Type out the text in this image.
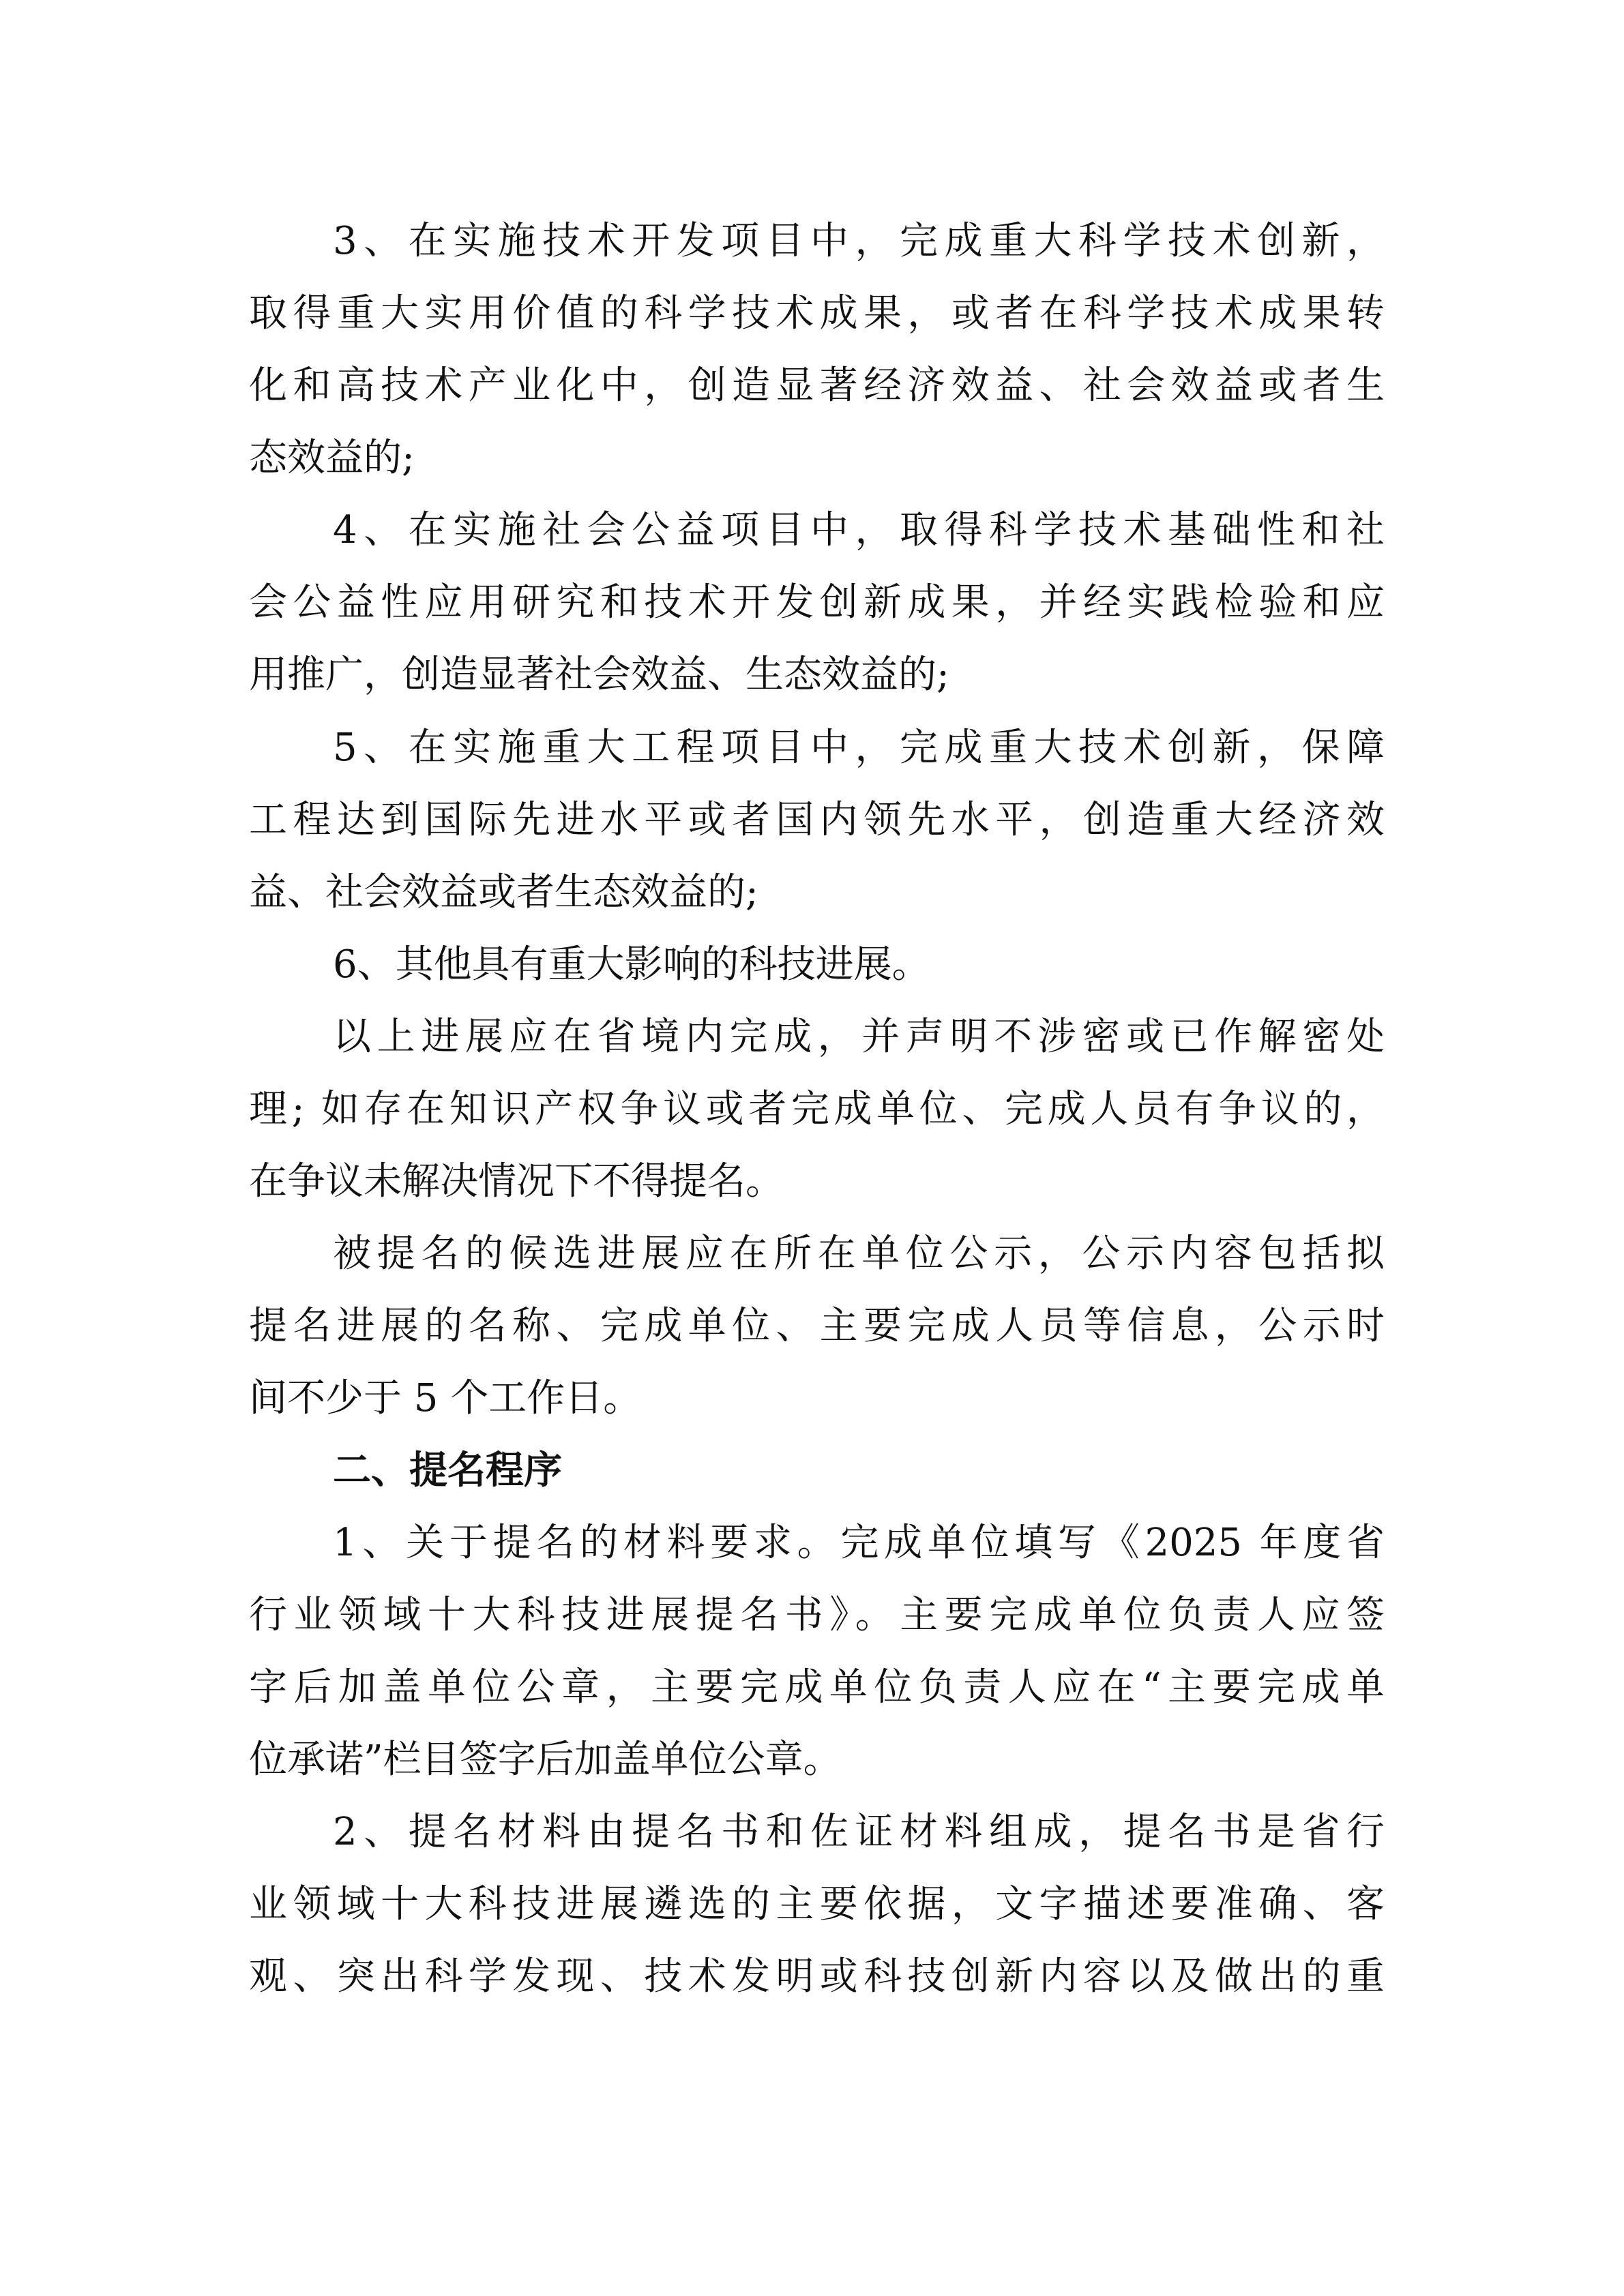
3、在实施技术开发项目中，完成重大科学技术创新，
取得重大实用价值的科学技术成果，或者在科学技术成果转
化和高技术产业化中，创造显著经济效益、社会效益或者生
态效益的;
4、在实施社会公益项目中，取得科学技术基础性和社
会公益性应用研究和技术开发创新成果，并经实践检验和应
用推广，创造显著社会效益、生态效益的;
5、在实施重大工程项目中，完成重大技术创新，保障
工程达到国际先进水平或者国内领先水平，创造重大经济效
益、社会效益或者生态效益的;
6、其他具有重大影响的科技进展。
以上进展应在省境内完成，并声明不涉密或已作解密处
理; 如存在知识产权争议或者完成单位、完成人员有争议的，
在争议未解决情况下不得提名。
被提名的候选进展应在所在单位公示，公示内容包括拟
提名进展的名称、完成单位、主要完成人员等信息，公示时
间不少于 5 个工作日。
二、提名程序
1、关于提名的材料要求。完成单位填写《2025 年度省
行业领域十大科技进展提名书》。主要完成单位负责人应签
字后加盖单位公章，主要完成单位负责人应在“主要完成单
位承诺”栏目签字后加盖单位公章。
2、提名材料由提名书和佐证材料组成，提名书是省行
业领域十大科技进展遴选的主要依据，文字描述要准确、客
观、突出科学发现、技术发明或科技创新内容以及做出的重
